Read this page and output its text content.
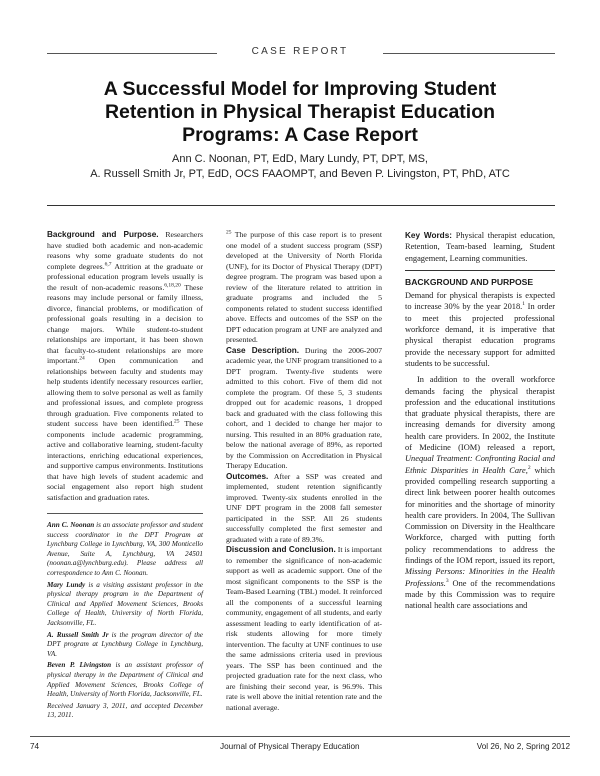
CASE REPORT
A Successful Model for Improving Student Retention in Physical Therapist Education Programs: A Case Report
Ann C. Noonan, PT, EdD, Mary Lundy, PT, DPT, MS,
A. Russell Smith Jr, PT, EdD, OCS FAAOMPT, and Beven P. Livingston, PT, PhD, ATC

Background and Purpose. Researchers have studied both academic and non-academic reasons why some graduate students do not complete degrees.$^{6,7}$ Attrition at the graduate or professional education program levels usually is the result of non-academic reasons.$^{6,18,20}$ These reasons may include personal or family illness, divorce, financial problems, or modification of professional goals resulting in a decision to change majors. While student-to-student relationships are important, it has been shown that faculty-to-student relationships are more important.$^{24}$ Open communication and relationships between faculty and students may help students identify necessary resources earlier, allowing them to solve personal as well as family and professional issues, and complete progress through graduation. Five components related to student success have been identified.$^{25}$ These components include academic programming, active and collaborative learning, student-faculty interactions, enriching educational experiences, and supportive campus environments. Institutions that have high levels of student academic and social engagement also report high student satisfaction and graduation rates.

Ann C. Noonan is an associate professor and student success coordinator in the DPT Program at Lynchburg College in Lynchburg, VA, 300 Monticello Avenue, Suite A, Lynchburg, VA 24501 (noonan.a@lynchburg.edu). Please address all correspondence to Ann C. Noonan.

Mary Lundy is a visiting assistant professor in the physical therapy program in the Department of Clinical and Applied Movement Sciences, Brooks College of Health, University of North Florida, Jacksonville, FL.

A. Russell Smith Jr is the program director of the DPT program at Lynchburg College in Lynchburg, VA.

Beven P. Livingston is an assistant professor of physical therapy in the Department of Clinical and Applied Movement Sciences, Brooks College of Health, University of North Florida, Jacksonville, FL.

Received January 3, 2011, and accepted December 13, 2011.

$^{25}$ The purpose of this case report is to present one model of a student success program (SSP) developed at the University of North Florida (UNF), for its Doctor of Physical Therapy (DPT) degree program. The program was based upon a review of the literature related to attrition in graduate programs and included the 5 components related to student success identified above. Effects and outcomes of the SSP on the DPT education program at UNF are analyzed and presented.

Case Description. During the 2006-2007 academic year, the UNF program transitioned to a DPT program. Twenty-five students were admitted to this cohort. Five of them did not complete the program. Of these 5, 3 students dropped out for academic reasons, 1 dropped back and graduated with the class following this cohort, and 1 decided to change her major to nursing. This resulted in an 80% graduation rate, below the national average of 89%, as reported by the Commission on Accreditation in Physical Therapy Education.

Outcomes. After a SSP was created and implemented, student retention significantly improved. Twenty-six students enrolled in the UNF DPT program in the 2008 fall semester participated in the SSP. All 26 students successfully completed the first semester and graduated with a rate of 89.3%.

Discussion and Conclusion. It is important to remember the significance of non-academic support as well as academic support. One of the most significant components to the SSP is the Team-Based Learning (TBL) model. It reinforced all the components of a successful learning community, engagement of all students, and early assessment leading to early identification of at-risk students allowing for more timely intervention. The faculty at UNF continues to use the same admissions criteria used in previous years. The SSP has been continued and the projected graduation rate for the next class, who are finishing their second year, is 96.9%. This rate is well above the initial retention rate and the national average.

Key Words: Physical therapist education, Retention, Team-based learning, Student engagement, Learning communities.

BACKGROUND AND PURPOSE

Demand for physical therapists is expected to increase 30% by the year 2018.$^1$ In order to meet this projected professional workforce demand, it is imperative that physical therapist education programs provide the necessary support for admitted students to be successful.

In addition to the overall workforce demands facing the physical therapist profession and the educational institutions that graduate physical therapists, there are increasing demands for diversity among health care providers. In 2002, the Institute of Medicine (IOM) released a report, Unequal Treatment: Confronting Racial and Ethnic Disparities in Health Care,$^2$ which provided compelling research supporting a direct link between poorer health outcomes for minorities and the shortage of minority health care providers. In 2004, The Sullivan Commission on Diversity in the Healthcare Workforce, charged with putting forth policy recommendations to address the findings of the IOM report, issued its report, Missing Persons: Minorities in the Health Professions.$^3$ One of the recommendations made by this Commission was to require national health care associations and

74	Journal of Physical Therapy Education	Vol 26, No 2, Spring 2012
